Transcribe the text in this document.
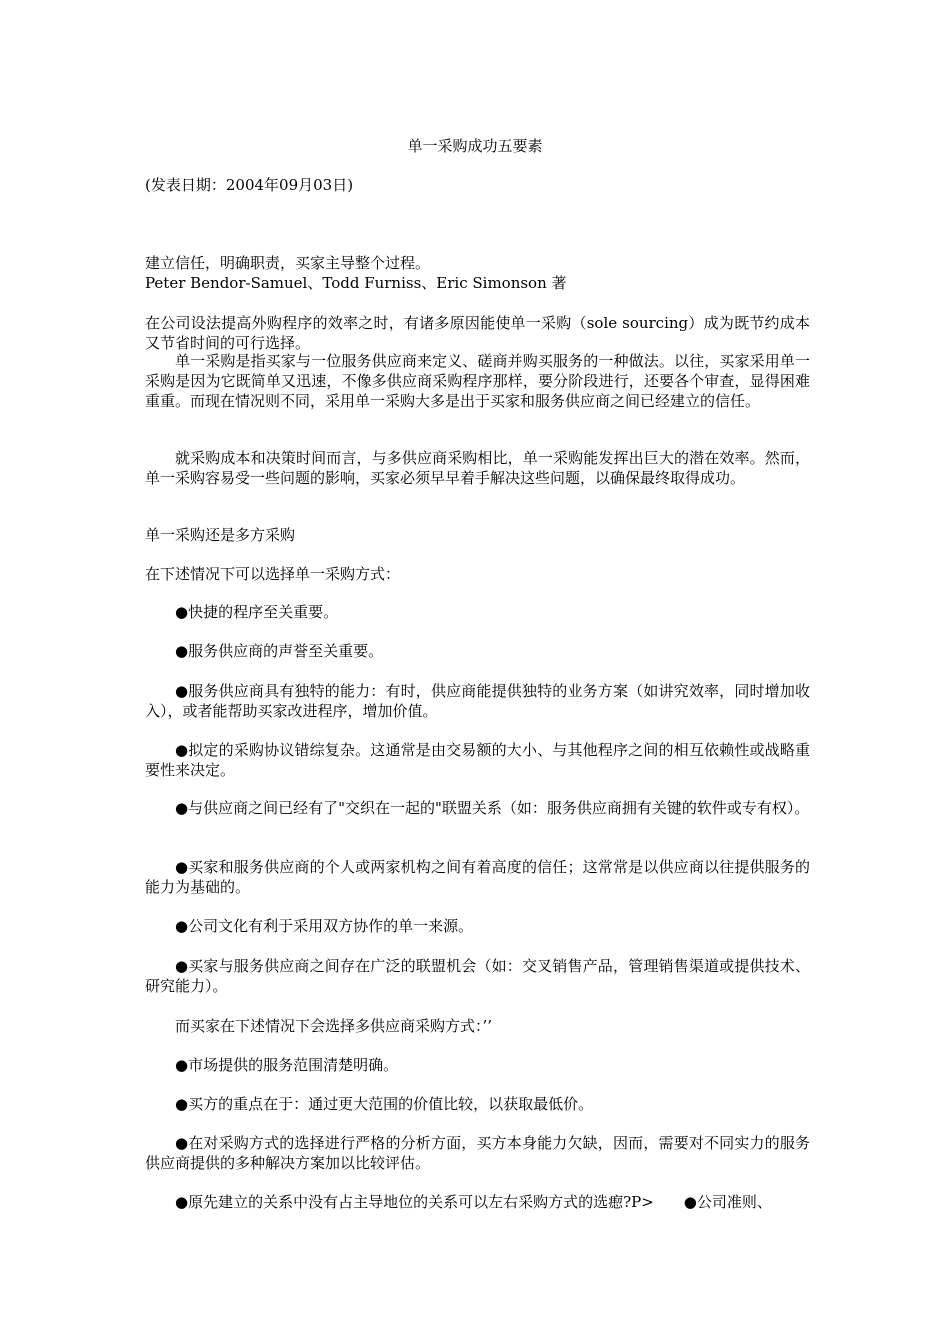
单一采购成功五要素
(发表日期：2004年09月03日)
建立信任，明确职责，买家主导整个过程。
Peter Bendor-Samuel、Todd Furniss、Eric Simonson 著
在公司设法提高外购程序的效率之时，有诸多原因能使单一采购（sole sourcing）成为既节约成本又节省时间的可行选择。
单一采购是指买家与一位服务供应商来定义、磋商并购买服务的一种做法。以往，买家采用单一采购是因为它既简单又迅速，不像多供应商采购程序那样，要分阶段进行，还要各个审查，显得困难重重。而现在情况则不同，采用单一采购大多是出于买家和服务供应商之间已经建立的信任。
就采购成本和决策时间而言，与多供应商采购相比，单一采购能发挥出巨大的潜在效率。然而，单一采购容易受一些问题的影响，买家必须早早着手解决这些问题，以确保最终取得成功。
单一采购还是多方采购
在下述情况下可以选择单一采购方式：
●快捷的程序至关重要。
●服务供应商的声誉至关重要。
●服务供应商具有独特的能力：有时，供应商能提供独特的业务方案（如讲究效率，同时增加收入），或者能帮助买家改进程序，增加价值。
●拟定的采购协议错综复杂。这通常是由交易额的大小、与其他程序之间的相互依赖性或战略重要性来决定。
●与供应商之间已经有了"交织在一起的"联盟关系（如：服务供应商拥有关键的软件或专有权）。
●买家和服务供应商的个人或两家机构之间有着高度的信任；这常常是以供应商以往提供服务的能力为基础的。
●公司文化有利于采用双方协作的单一来源。
●买家与服务供应商之间存在广泛的联盟机会（如：交叉销售产品，管理销售渠道或提供技术、研究能力）。
而买家在下述情况下会选择多供应商采购方式：’’
●市场提供的服务范围清楚明确。
●买方的重点在于：通过更大范围的价值比较，以获取最低价。
●在对采购方式的选择进行严格的分析方面，买方本身能力欠缺，因而，需要对不同实力的服务供应商提供的多种解决方案加以比较评估。
●原先建立的关系中没有占主导地位的关系可以左右采购方式的选瘛?P>　　●公司准则、
